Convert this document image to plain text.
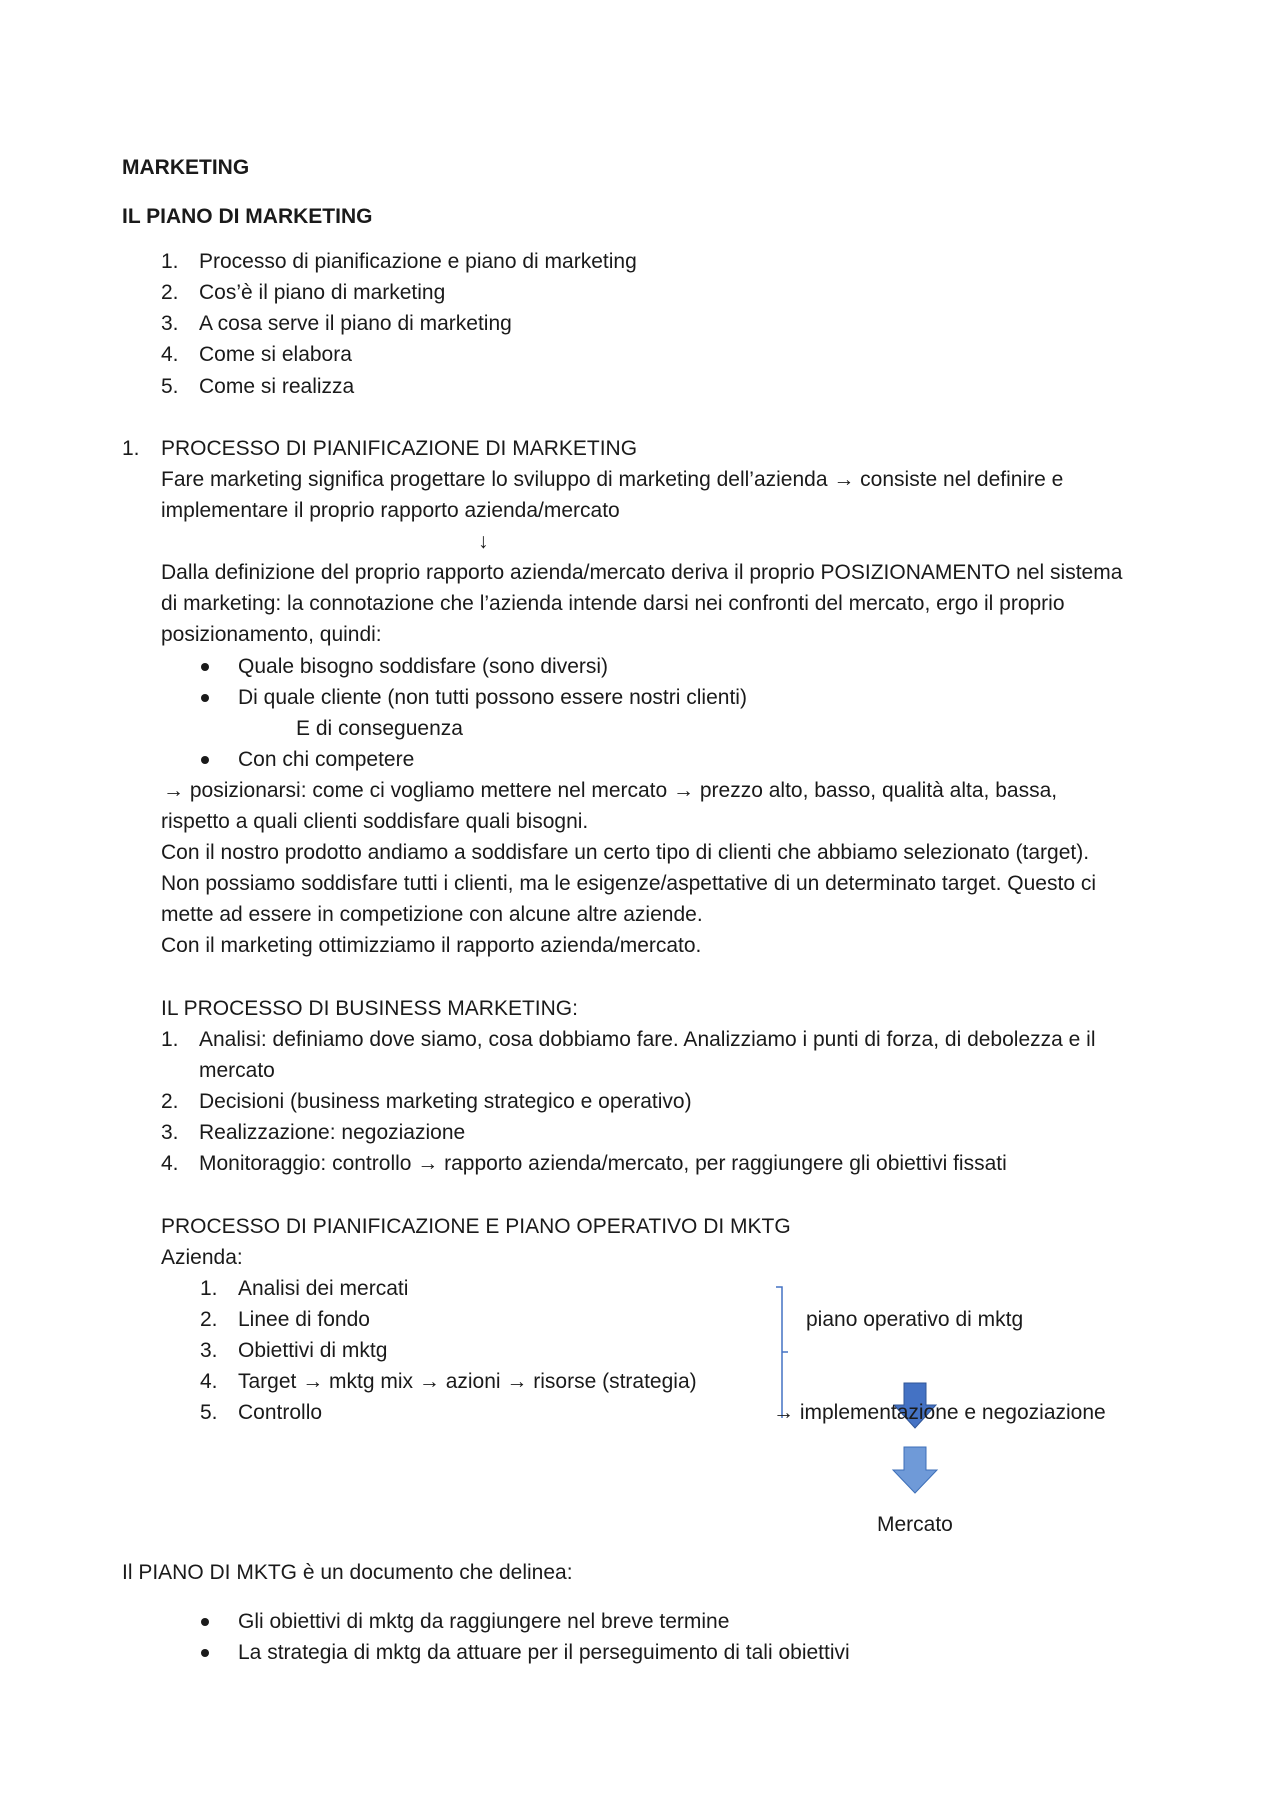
MARKETING
IL PIANO DI MARKETING
1. Processo di pianificazione e piano di marketing
2. Cos’è il piano di marketing
3. A cosa serve il piano di marketing
4. Come si elabora
5. Come si realizza
1. PROCESSO DI PIANIFICAZIONE DI MARKETING
Fare marketing significa progettare lo sviluppo di marketing dell’azienda → consiste nel definire e
implementare il proprio rapporto azienda/mercato
↓
Dalla definizione del proprio rapporto azienda/mercato deriva il proprio POSIZIONAMENTO nel sistema
di marketing: la connotazione che l’azienda intende darsi nei confronti del mercato, ergo il proprio
posizionamento, quindi:
Quale bisogno soddisfare (sono diversi)
Di quale cliente (non tutti possono essere nostri clienti)
E di conseguenza
Con chi competere
→ posizionarsi: come ci vogliamo mettere nel mercato → prezzo alto, basso, qualità alta, bassa,
rispetto a quali clienti soddisfare quali bisogni.
Con il nostro prodotto andiamo a soddisfare un certo tipo di clienti che abbiamo selezionato (target).
Non possiamo soddisfare tutti i clienti, ma le esigenze/aspettative di un determinato target. Questo ci
mette ad essere in competizione con alcune altre aziende.
Con il marketing ottimizziamo il rapporto azienda/mercato.
IL PROCESSO DI BUSINESS MARKETING:
1. Analisi: definiamo dove siamo, cosa dobbiamo fare. Analizziamo i punti di forza, di debolezza e il
mercato
2. Decisioni (business marketing strategico e operativo)
3. Realizzazione: negoziazione
4. Monitoraggio: controllo → rapporto azienda/mercato, per raggiungere gli obiettivi fissati
PROCESSO DI PIANIFICAZIONE E PIANO OPERATIVO DI MKTG
Azienda:
1. Analisi dei mercati
2. Linee di fondo
3. Obiettivi di mktg
4. Target → mktg mix → azioni → risorse (strategia)
5. Controllo
piano operativo di mktg
→ implementazione e negoziazione
Mercato
Il PIANO DI MKTG è un documento che delinea:
Gli obiettivi di mktg da raggiungere nel breve termine
La strategia di mktg da attuare per il perseguimento di tali obiettivi
